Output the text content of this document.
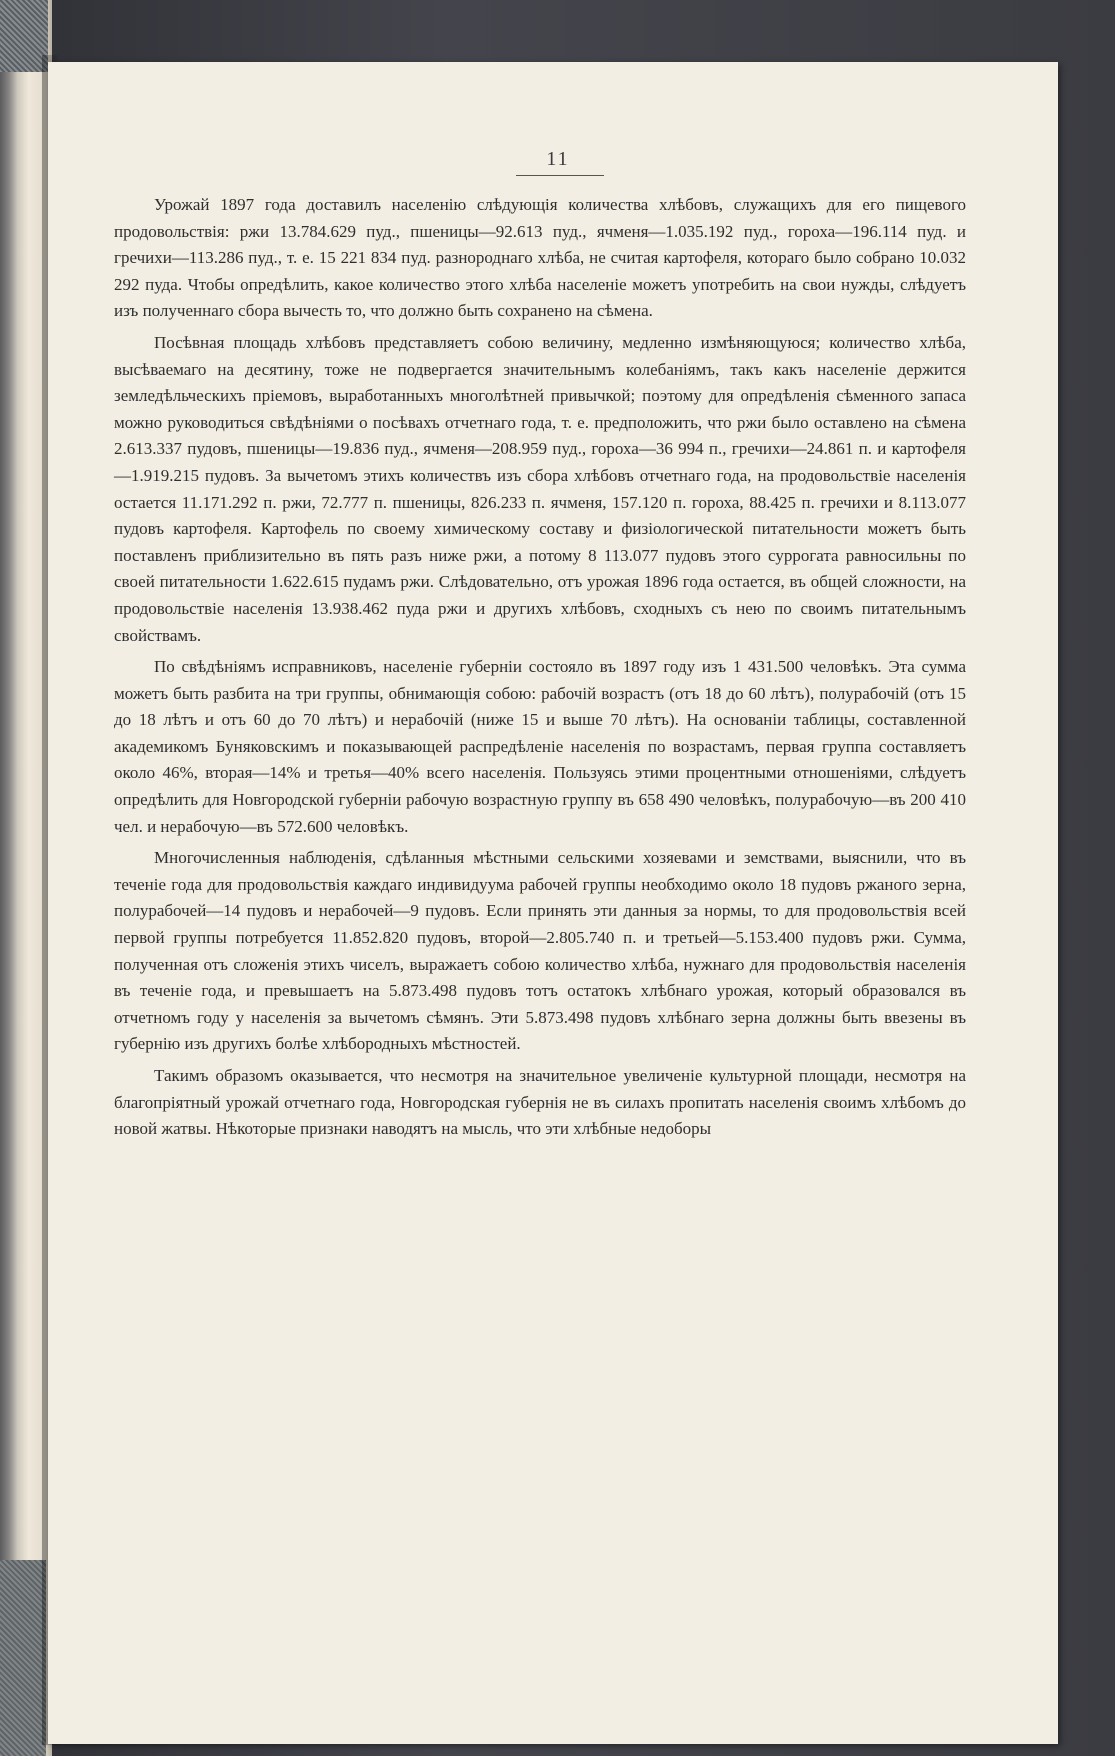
11

Урожай 1897 года доставилъ населенію слѣдующія количества хлѣбовъ, служащихъ для его пищевого продовольствія: ржи 13.784.629 пуд., пшеницы—92.613 пуд., ячменя—1.035.192 пуд., гороха—196.114 пуд. и гречихи—113.286 пуд., т. е. 15 221 834 пуд. разнороднаго хлѣба, не считая картофеля, котораго было собрано 10.032 292 пуда. Чтобы опредѣлить, какое количество этого хлѣба населеніе можетъ употребить на свои нужды, слѣдуетъ изъ полученнаго сбора вычесть то, что должно быть сохранено на сѣмена.

Посѣвная площадь хлѣбовъ представляетъ собою величину, медленно измѣняющуюся; количество хлѣба, высѣваемаго на десятину, тоже не подвергается значительнымъ колебаніямъ, такъ какъ населеніе держится земледѣльческихъ пріемовъ, выработанныхъ многолѣтней привычкой; поэтому для опредѣленія сѣменного запаса можно руководиться свѣдѣніями о посѣвахъ отчетнаго года, т. е. предположить, что ржи было оставлено на сѣмена 2.613.337 пудовъ, пшеницы—19.836 пуд., ячменя—208.959 пуд., гороха—36 994 п., гречихи—24.861 п. и картофеля—1.919.215 пудовъ. За вычетомъ этихъ количествъ изъ сбора хлѣбовъ отчетнаго года, на продовольствіе населенія остается 11.171.292 п. ржи, 72.777 п. пшеницы, 826.233 п. ячменя, 157.120 п. гороха, 88.425 п. гречихи и 8.113.077 пудовъ картофеля. Картофель по своему химическому составу и физіологической питательности можетъ быть поставленъ приблизительно въ пять разъ ниже ржи, а потому 8 113.077 пудовъ этого суррогата равносильны по своей питательности 1.622.615 пудамъ ржи. Слѣдовательно, отъ урожая 1896 года остается, въ общей сложности, на продовольствіе населенія 13.938.462 пуда ржи и другихъ хлѣбовъ, сходныхъ съ нею по своимъ питательнымъ свойствамъ.

По свѣдѣніямъ исправниковъ, населеніе губерніи состояло въ 1897 году изъ 1 431.500 человѣкъ. Эта сумма можетъ быть разбита на три группы, обнимающія собою: рабочій возрастъ (отъ 18 до 60 лѣтъ), полурабочій (отъ 15 до 18 лѣтъ и отъ 60 до 70 лѣтъ) и нерабочій (ниже 15 и выше 70 лѣтъ). На основаніи таблицы, составленной академикомъ Буняковскимъ и показывающей распредѣленіе населенія по возрастамъ, первая группа составляетъ около 46%, вторая—14% и третья—40% всего населенія. Пользуясь этими процентными отношеніями, слѣдуетъ опредѣлить для Новгородской губерніи рабочую возрастную группу въ 658 490 человѣкъ, полурабочую—въ 200 410 чел. и нерабочую—въ 572.600 человѣкъ.

Многочисленныя наблюденія, сдѣланныя мѣстными сельскими хозяевами и земствами, выяснили, что въ теченіе года для продовольствія каждаго индивидуума рабочей группы необходимо около 18 пудовъ ржаного зерна, полурабочей—14 пудовъ и нерабочей—9 пудовъ. Если принять эти данныя за нормы, то для продовольствія всей первой группы потребуется 11.852.820 пудовъ, второй—2.805.740 п. и третьей—5.153.400 пудовъ ржи. Сумма, полученная отъ сложенія этихъ чиселъ, выражаетъ собою количество хлѣба, нужнаго для продовольствія населенія въ теченіе года, и превышаетъ на 5.873.498 пудовъ тотъ остатокъ хлѣбнаго урожая, который образовался въ отчетномъ году у населенія за вычетомъ сѣмянъ. Эти 5.873.498 пудовъ хлѣбнаго зерна должны быть ввезены въ губернію изъ другихъ болѣе хлѣбородныхъ мѣстностей.

Такимъ образомъ оказывается, что несмотря на значительное увеличеніе культурной площади, несмотря на благопріятный урожай отчетнаго года, Новгородская губернія не въ силахъ пропитать населенія своимъ хлѣбомъ до новой жатвы. Нѣкоторые признаки наводятъ на мысль, что эти хлѣбные недоборы
